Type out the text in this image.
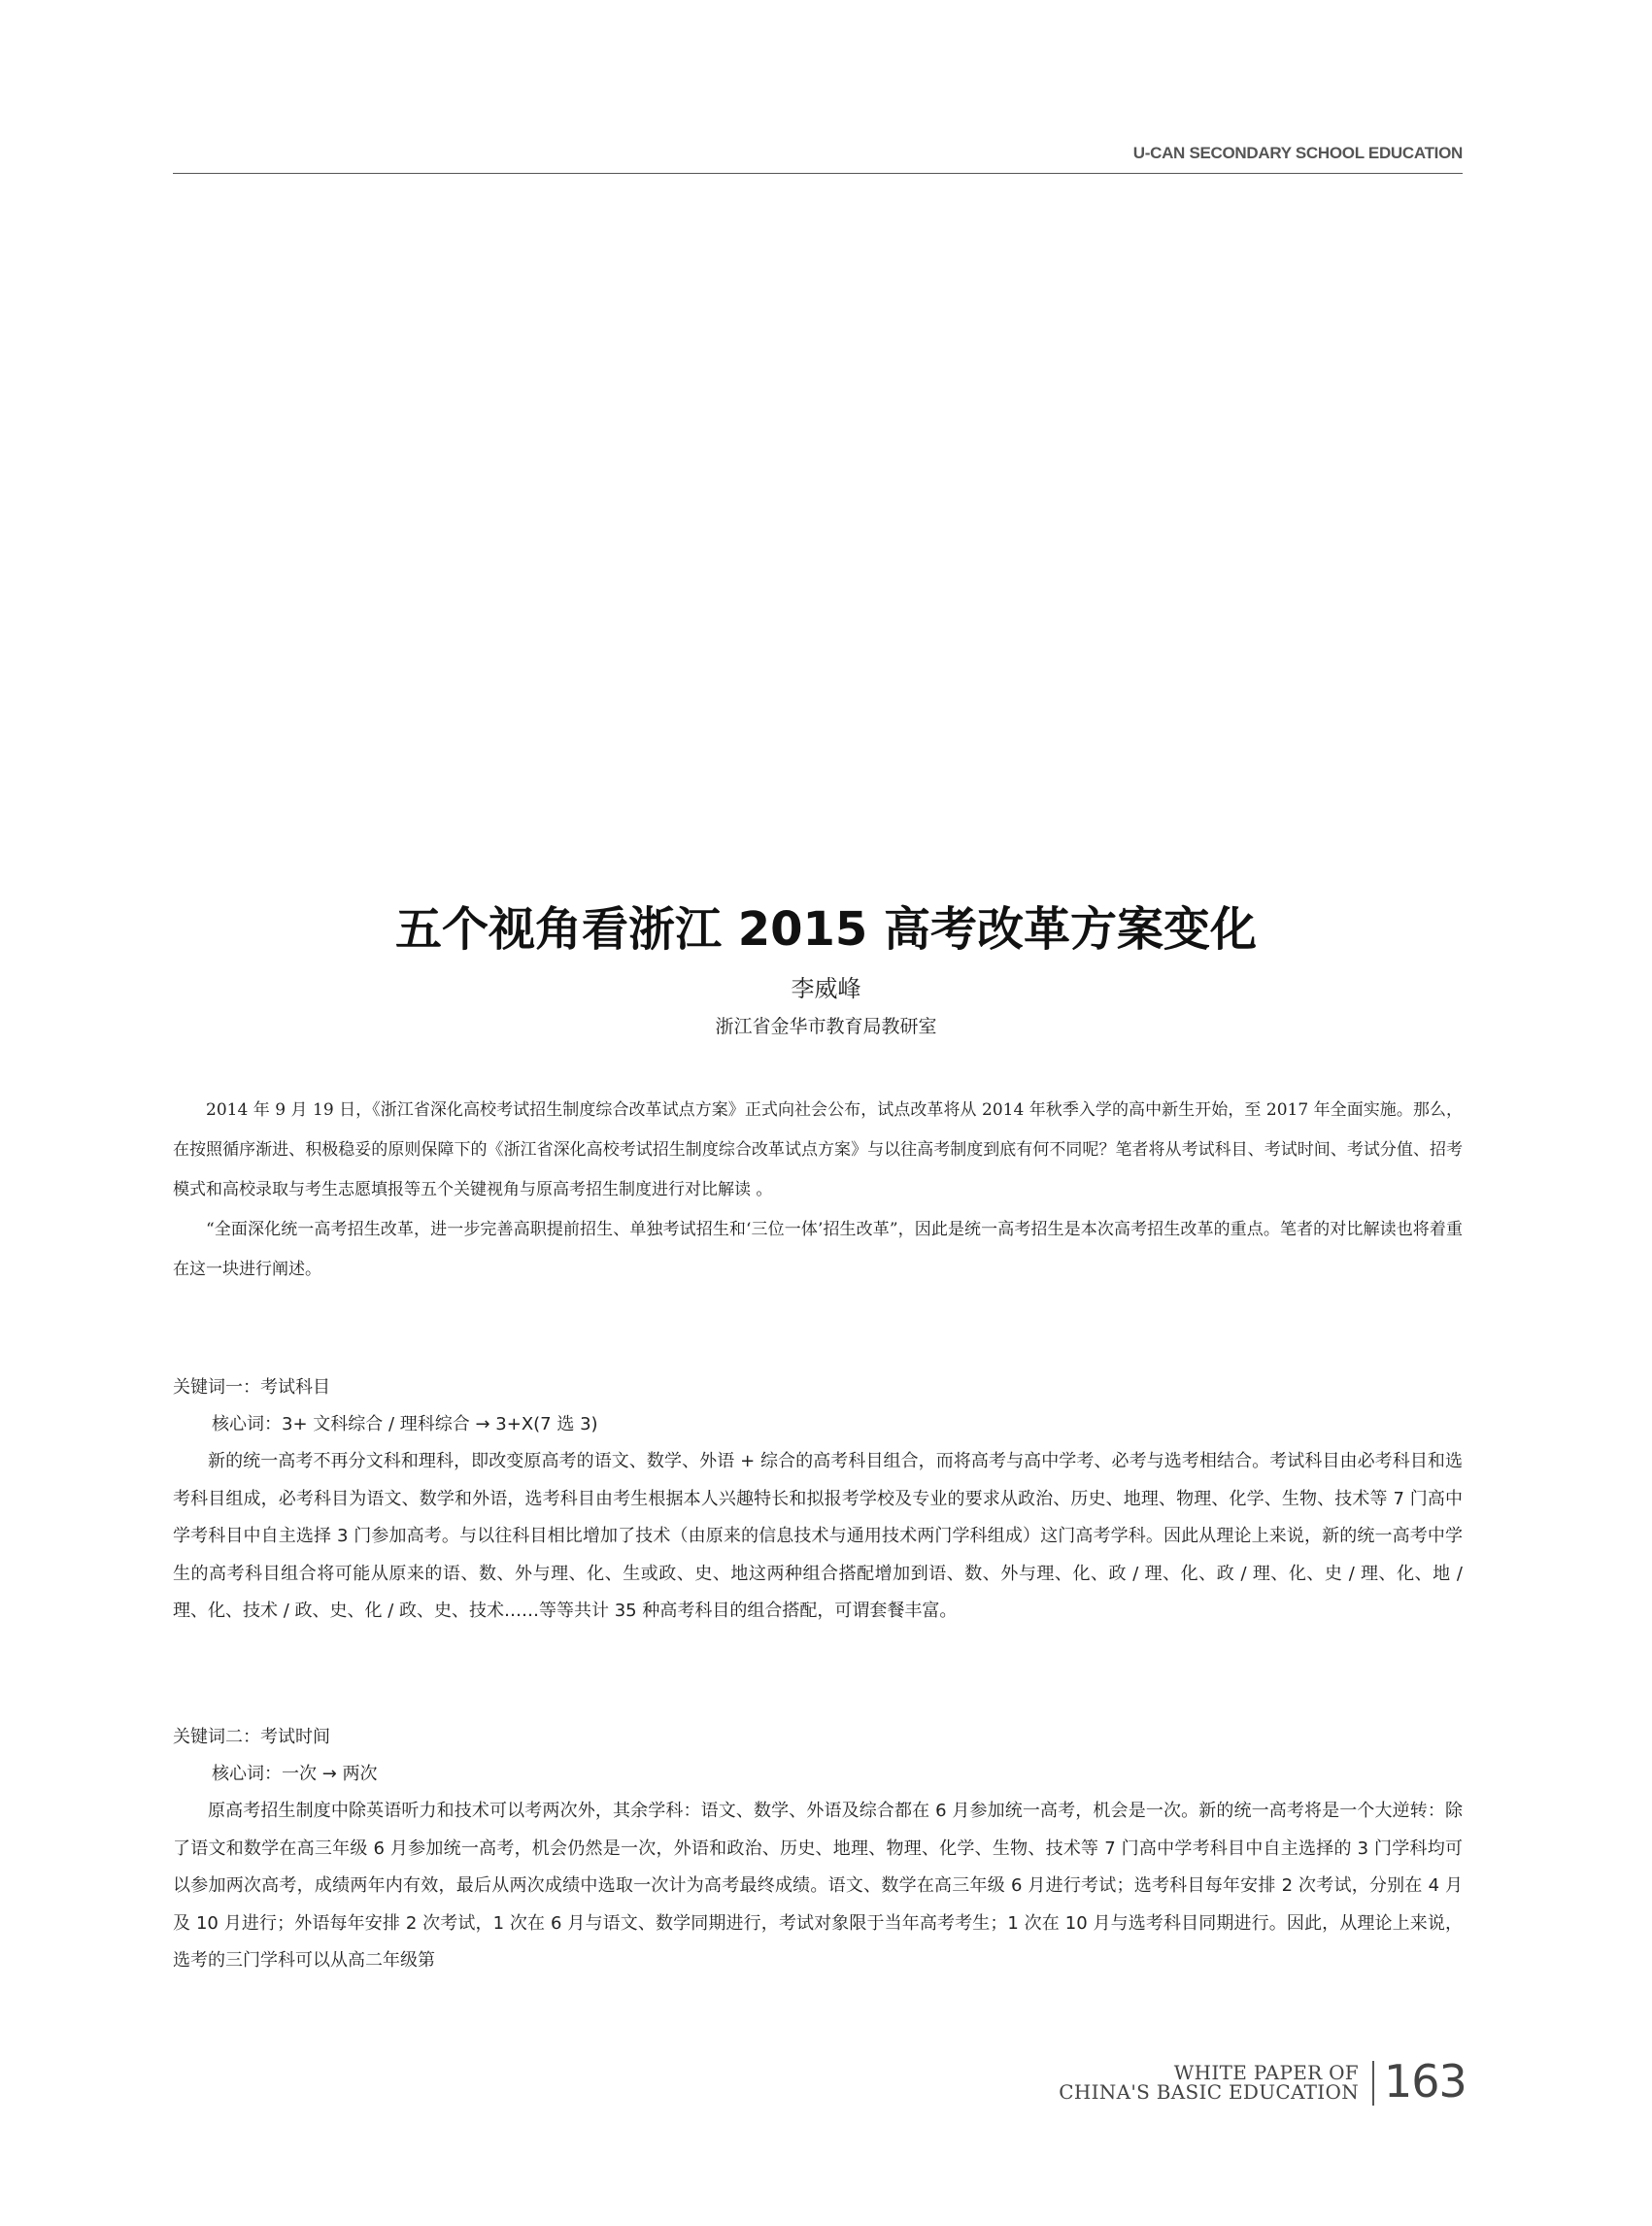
U-CAN SECONDARY SCHOOL EDUCATION
五个视角看浙江 2015 高考改革方案变化
李威峰
浙江省金华市教育局教研室

2014 年 9 月 19 日，《浙江省深化高校考试招生制度综合改革试点方案》正式向社会公布，试点改革将从 2014 年秋季入学的高中新生开始，至 2017 年全面实施。那么，在按照循序渐进、积极稳妥的原则保障下的《浙江省深化高校考试招生制度综合改革试点方案》与以往高考制度到底有何不同呢？笔者将从考试科目、考试时间、考试分值、招考模式和高校录取与考生志愿填报等五个关键视角与原高考招生制度进行对比解读 。

“全面深化统一高考招生改革，进一步完善高职提前招生、单独考试招生和‘三位一体’招生改革”，因此是统一高考招生是本次高考招生改革的重点。笔者的对比解读也将着重在这一块进行阐述。

关键词一：考试科目
核心词：3+ 文科综合 / 理科综合 → 3+X(7 选 3)

新的统一高考不再分文科和理科，即改变原高考的语文、数学、外语 + 综合的高考科目组合，而将高考与高中学考、必考与选考相结合。考试科目由必考科目和选考科目组成，必考科目为语文、数学和外语，选考科目由考生根据本人兴趣特长和拟报考学校及专业的要求从政治、历史、地理、物理、化学、生物、技术等 7 门高中学考科目中自主选择 3 门参加高考。与以往科目相比增加了技术（由原来的信息技术与通用技术两门学科组成）这门高考学科。因此从理论上来说，新的统一高考中学生的高考科目组合将可能从原来的语、数、外与理、化、生或政、史、地这两种组合搭配增加到语、数、外与理、化、政 / 理、化、政 / 理、化、史 / 理、化、地 / 理、化、技术 / 政、史、化 / 政、史、技术……等等共计 35 种高考科目的组合搭配，可谓套餐丰富。

关键词二：考试时间
核心词：一次 → 两次

原高考招生制度中除英语听力和技术可以考两次外，其余学科：语文、数学、外语及综合都在 6 月参加统一高考，机会是一次。新的统一高考将是一个大逆转：除了语文和数学在高三年级 6 月参加统一高考，机会仍然是一次，外语和政治、历史、地理、物理、化学、生物、技术等 7 门高中学考科目中自主选择的 3 门学科均可以参加两次高考，成绩两年内有效，最后从两次成绩中选取一次计为高考最终成绩。语文、数学在高三年级 6 月进行考试；选考科目每年安排 2 次考试，分别在 4 月及 10 月进行；外语每年安排 2 次考试，1 次在 6 月与语文、数学同期进行，考试对象限于当年高考考生；1 次在 10 月与选考科目同期进行。因此，从理论上来说，选考的三门学科可以从高二年级第

WHITE PAPER OF
CHINA'S BASIC EDUCATION 163
